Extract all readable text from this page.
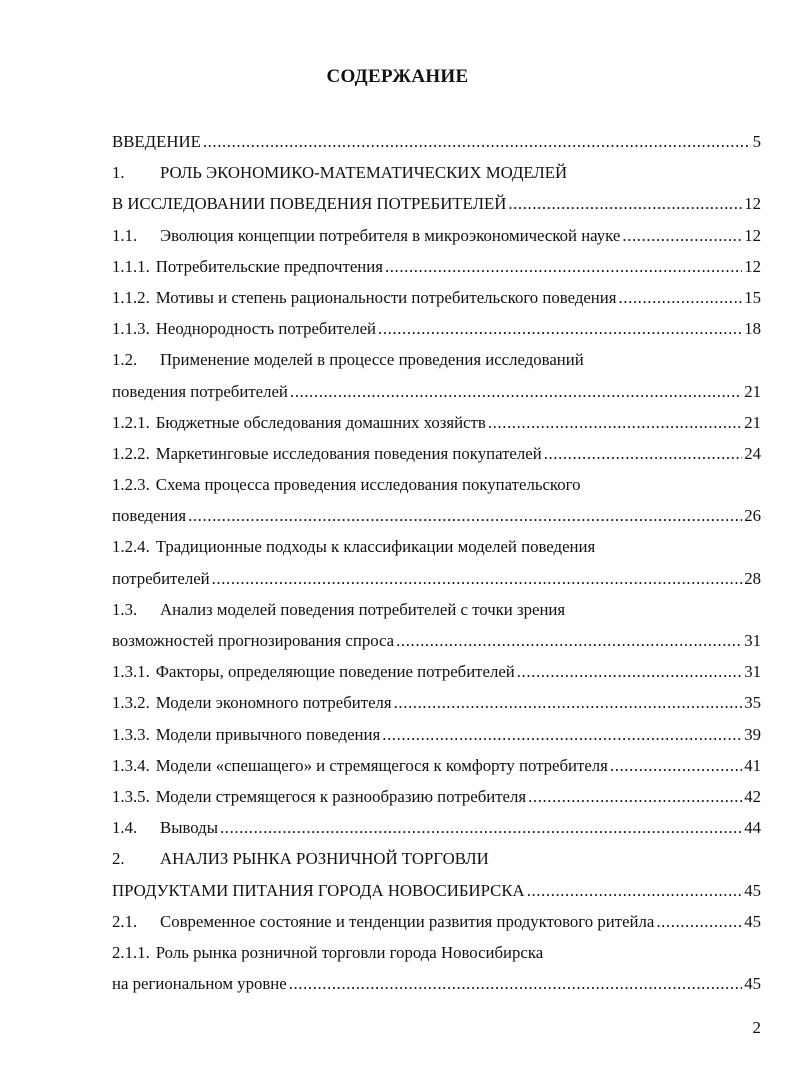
СОДЕРЖАНИЕ
ВВЕДЕНИЕ .....	5
1.	РОЛЬ ЭКОНОМИКО-МАТЕМАТИЧЕСКИХ МОДЕЛЕЙ
В ИССЛЕДОВАНИИ ПОВЕДЕНИЯ ПОТРЕБИТЕЛЕЙ .....	12
1.1.	Эволюция концепции потребителя в микроэкономической науке .....	12
1.1.1. Потребительские предпочтения .....	12
1.1.2. Мотивы и степень рациональности потребительского поведения .....	15
1.1.3. Неоднородность потребителей .....	18
1.2.	Применение моделей в процессе проведения исследований
поведения потребителей .....	21
1.2.1. Бюджетные обследования домашних хозяйств .....	21
1.2.2. Маркетинговые исследования поведения покупателей .....	24
1.2.3. Схема процесса проведения исследования покупательского
поведения .....	26
1.2.4. Традиционные подходы к классификации моделей поведения
потребителей .....	28
1.3.	Анализ моделей поведения потребителей с точки зрения
возможностей прогнозирования спроса .....	31
1.3.1. Факторы, определяющие поведение потребителей .....	31
1.3.2. Модели экономного потребителя .....	35
1.3.3. Модели привычного поведения .....	39
1.3.4. Модели «спешащего» и стремящегося к комфорту потребителя .....	41
1.3.5. Модели стремящегося к разнообразию потребителя .....	42
1.4.	Выводы .....	44
2.	АНАЛИЗ РЫНКА РОЗНИЧНОЙ ТОРГОВЛИ
ПРОДУКТАМИ ПИТАНИЯ ГОРОДА НОВОСИБИРСКА .....	45
2.1.	Современное состояние и тенденции развития продуктового ритейла .....	45
2.1.1. Роль рынка розничной торговли города Новосибирска
на региональном уровне .....	45
2
